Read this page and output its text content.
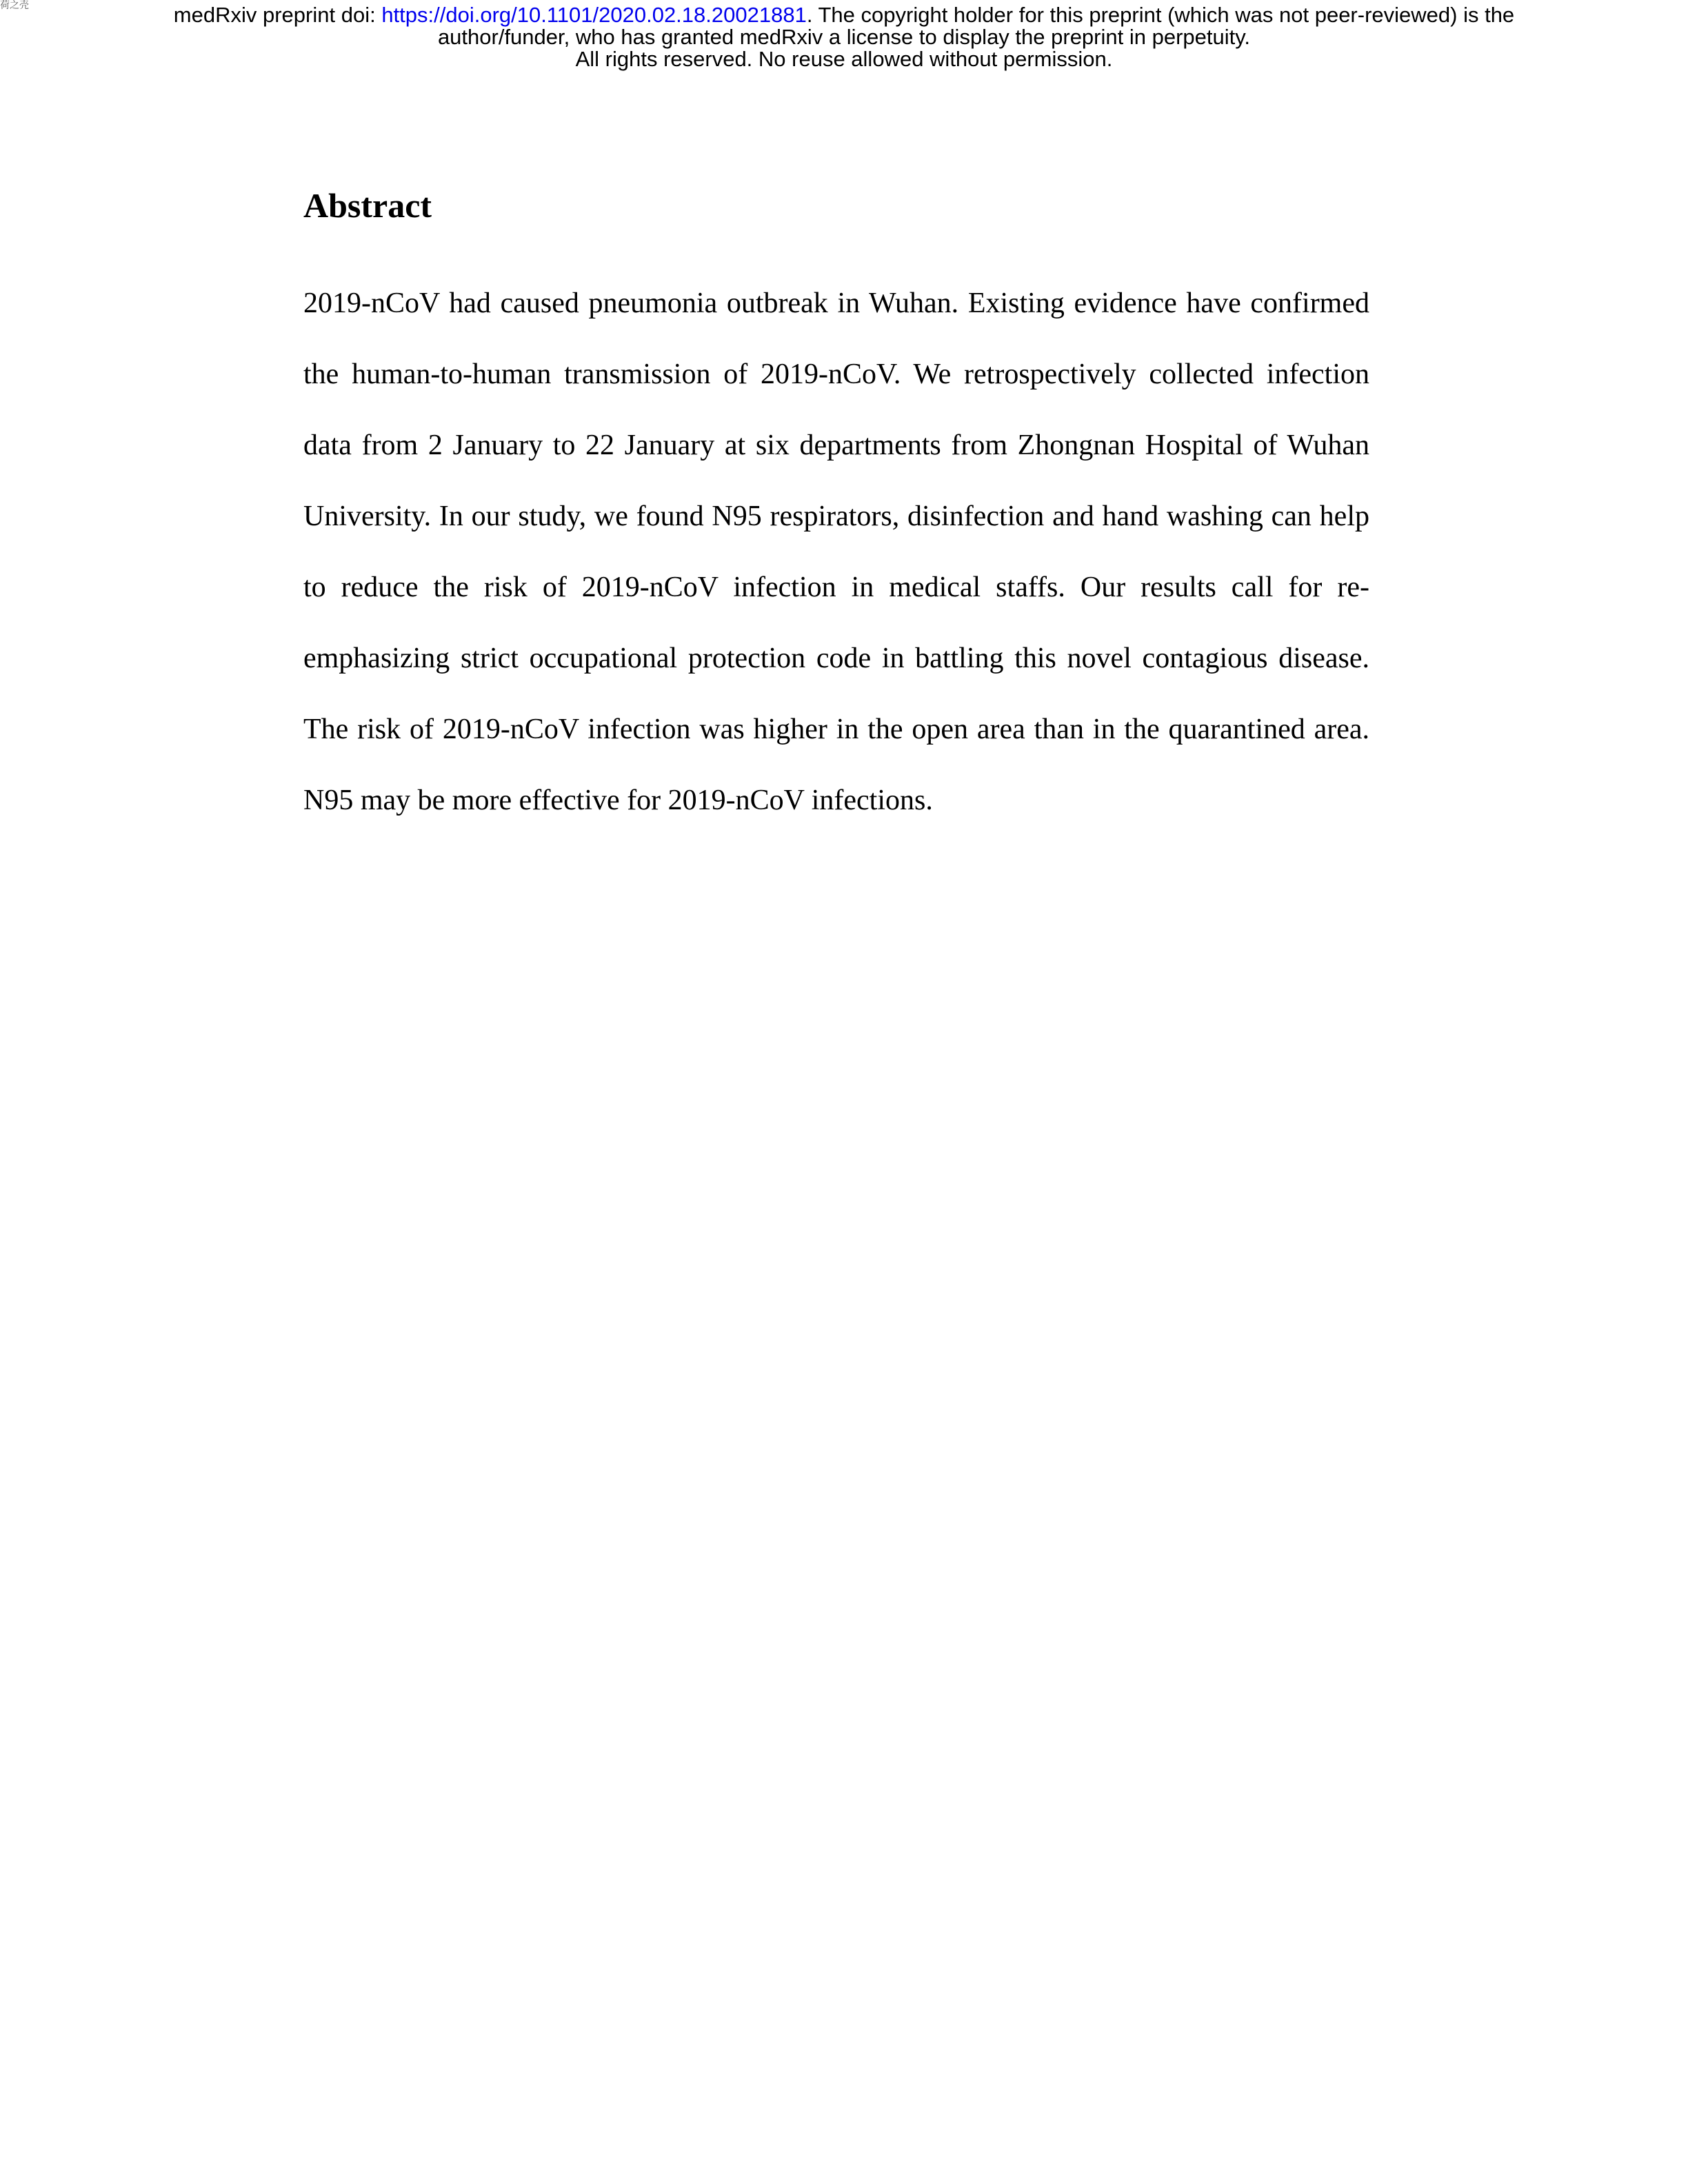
荷之壳	medRxiv preprint doi: https://doi.org/10.1101/2020.02.18.20021881. The copyright holder for this preprint (which was not peer-reviewed) is the
author/funder, who has granted medRxiv a license to display the preprint in perpetuity.
All rights reserved. No reuse allowed without permission.
Abstract

2019-nCoV had caused pneumonia outbreak in Wuhan. Existing evidence have confirmed the human-to-human transmission of 2019-nCoV. We retrospectively collected infection data from 2 January to 22 January at six departments from Zhongnan Hospital of Wuhan University. In our study, we found N95 respirators, disinfection and hand washing can help to reduce the risk of 2019-nCoV infection in medical staffs. Our results call for re-emphasizing strict occupational protection code in battling this novel contagious disease. The risk of 2019-nCoV infection was higher in the open area than in the quarantined area. N95 may be more effective for 2019-nCoV infections.
